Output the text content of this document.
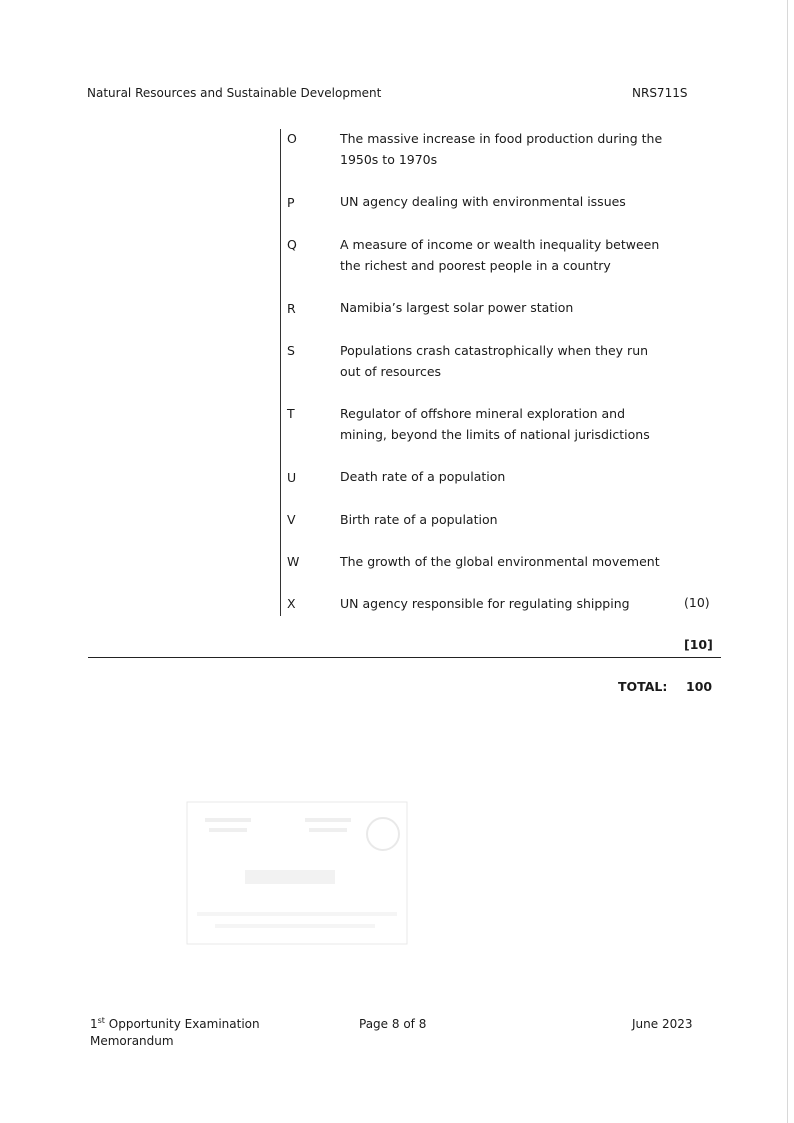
Natural Resources and Sustainable Development	NRS711S
O	The massive increase in food production during the 1950s to 1970s
P	UN agency dealing with environmental issues
Q	A measure of income or wealth inequality between the richest and poorest people in a country
R	Namibia’s largest solar power station
S	Populations crash catastrophically when they run out of resources
T	Regulator of offshore mineral exploration and mining, beyond the limits of national jurisdictions
U	Death rate of a population
V	Birth rate of a population
W	The growth of the global environmental movement
X	UN agency responsible for regulating shipping	(10)
[10]
TOTAL: 100
1st Opportunity Examination
Memorandum
Page 8 of 8	June 2023
